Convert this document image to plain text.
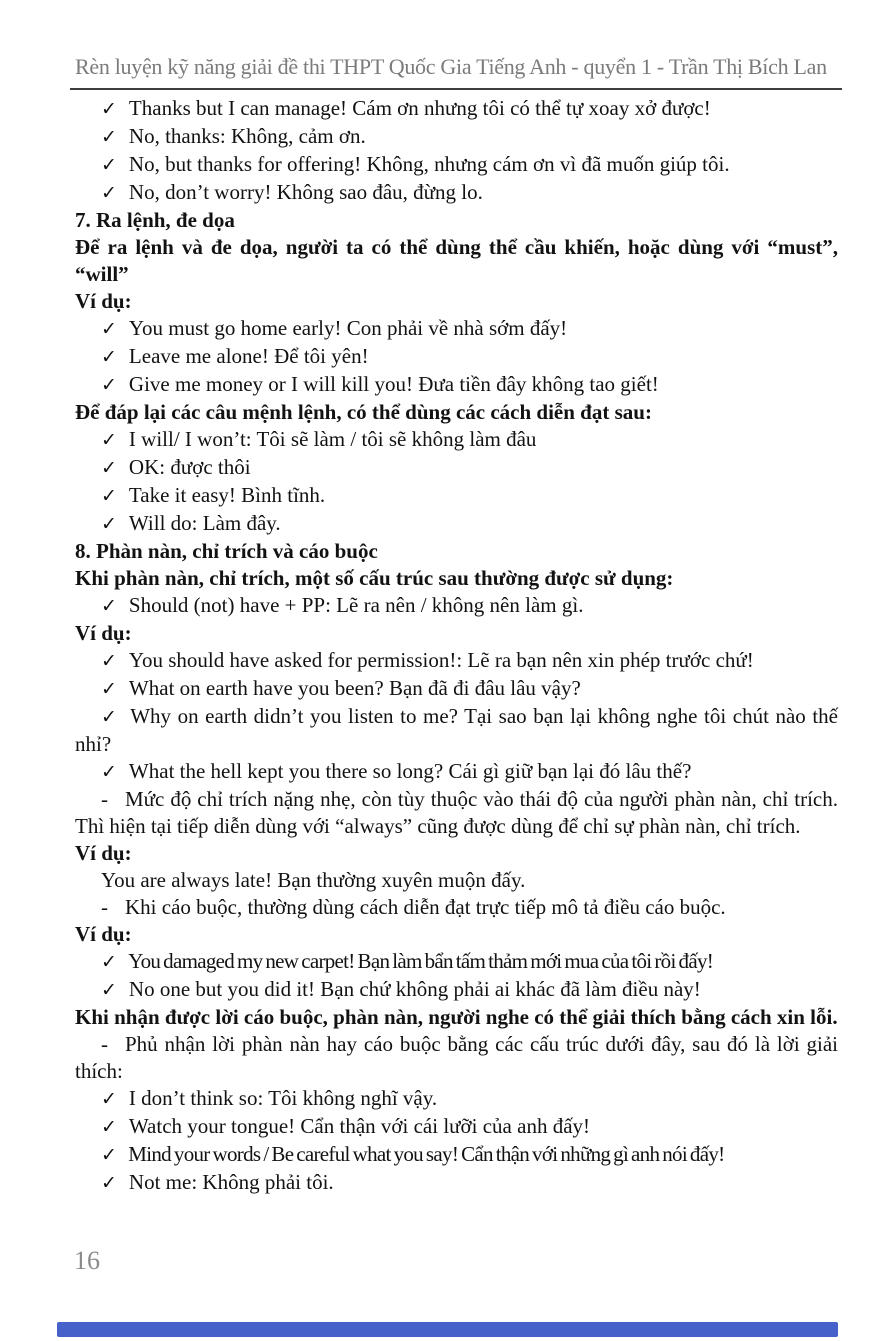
Rèn luyện kỹ năng giải đề thi THPT Quốc Gia Tiếng Anh - quyển 1 - Trần Thị Bích Lan
✓ Thanks but I can manage! Cám ơn nhưng tôi có thể tự xoay xở được!
✓ No, thanks: Không, cảm ơn.
✓ No, but thanks for offering! Không, nhưng cám ơn vì đã muốn giúp tôi.
✓ No, don’t worry! Không sao đâu, đừng lo.
7. Ra lệnh, đe dọa
Để ra lệnh và đe dọa, người ta có thể dùng thể cầu khiến, hoặc dùng với “must”, “will”
Ví dụ:
✓ You must go home early! Con phải về nhà sớm đấy!
✓ Leave me alone! Để tôi yên!
✓ Give me money or I will kill you! Đưa tiền đây không tao giết!
Để đáp lại các câu mệnh lệnh, có thể dùng các cách diễn đạt sau:
✓ I will/ I won’t: Tôi sẽ làm / tôi sẽ không làm đâu
✓ OK: được thôi
✓ Take it easy! Bình tĩnh.
✓ Will do: Làm đây.
8. Phàn nàn, chỉ trích và cáo buộc
Khi phàn nàn, chỉ trích, một số cấu trúc sau thường được sử dụng:
✓ Should (not) have + PP: Lẽ ra nên / không nên làm gì.
Ví dụ:
✓ You should have asked for permission!: Lẽ ra bạn nên xin phép trước chứ!
✓ What on earth have you been? Bạn đã đi đâu lâu vậy?
✓ Why on earth didn’t you listen to me? Tại sao bạn lại không nghe tôi chút nào thế nhỉ?
✓ What the hell kept you there so long? Cái gì giữ bạn lại đó lâu thế?
- Mức độ chỉ trích nặng nhẹ, còn tùy thuộc vào thái độ của người phàn nàn, chỉ trích. Thì hiện tại tiếp diễn dùng với “always” cũng được dùng để chỉ sự phàn nàn, chỉ trích.
Ví dụ:
You are always late! Bạn thường xuyên muộn đấy.
- Khi cáo buộc, thường dùng cách diễn đạt trực tiếp mô tả điều cáo buộc.
Ví dụ:
✓ You damaged my new carpet! Bạn làm bẩn tấm thảm mới mua của tôi rồi đấy!
✓ No one but you did it! Bạn chứ không phải ai khác đã làm điều này!
Khi nhận được lời cáo buộc, phàn nàn, người nghe có thể giải thích bằng cách xin lỗi.
- Phủ nhận lời phàn nàn hay cáo buộc bằng các cấu trúc dưới đây, sau đó là lời giải thích:
✓ I don’t think so: Tôi không nghĩ vậy.
✓ Watch your tongue! Cẩn thận với cái lưỡi của anh đấy!
✓ Mind your words / Be careful what you say! Cẩn thận với những gì anh nói đấy!
✓ Not me: Không phải tôi.
16
